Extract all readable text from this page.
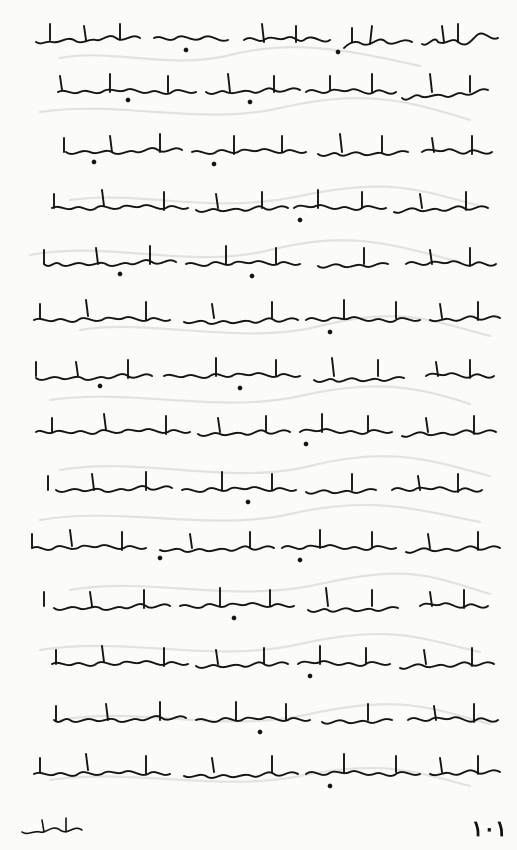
۱۰۱
